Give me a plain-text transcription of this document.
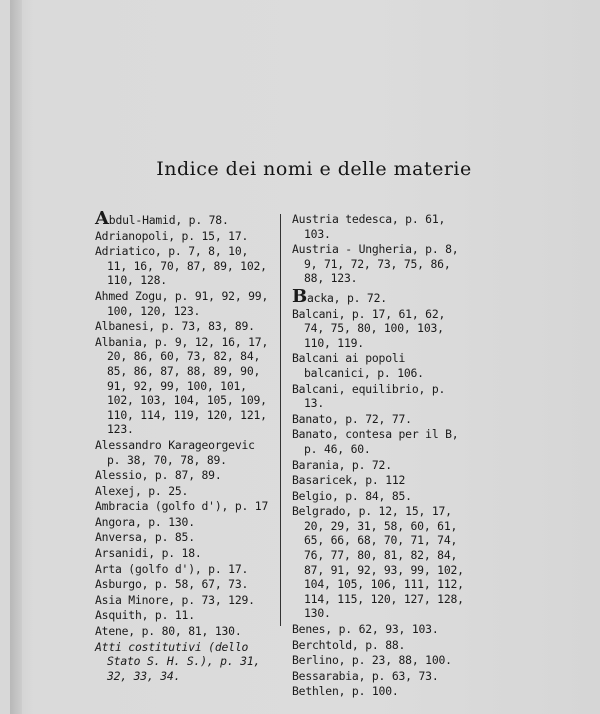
Indice dei nomi e delle materie

Abdul-Hamid, p. 78.

Adrianopoli, p. 15, 17.

Adriatico, p. 7, 8, 10, 11, 16, 70, 87, 89, 102, 110, 128.

Ahmed Zogu, p. 91, 92, 99, 100, 120, 123.

Albanesi, p. 73, 83, 89.

Albania, p. 9, 12, 16, 17, 20, 86, 60, 73, 82, 84, 85, 86, 87, 88, 89, 90, 91, 92, 99, 100, 101, 102, 103, 104, 105, 109, 110, 114, 119, 120, 121, 123.

Alessandro Karageorgevic p. 38, 70, 78, 89.

Alessio, p. 87, 89.

Alexej, p. 25.

Ambracia (golfo d'), p. 17

Angora, p. 130.

Anversa, p. 85.

Arsanidi, p. 18.

Arta (golfo d'), p. 17.

Asburgo, p. 58, 67, 73.

Asia Minore, p. 73, 129.

Asquith, p. 11.

Atene, p. 80, 81, 130.

Atti costitutivi (dello Stato S. H. S.), p. 31, 32, 33, 34.

Austria tedesca, p. 61, 103.

Austria - Ungheria, p. 8, 9, 71, 72, 73, 75, 86, 88, 123.

Backa, p. 72.

Balcani, p. 17, 61, 62, 74, 75, 80, 100, 103, 110, 119.

Balcani ai popoli balcanici, p. 106.

Balcani, equilibrio, p. 13.

Banato, p. 72, 77.

Banato, contesa per il B, p. 46, 60.

Barania, p. 72.

Basaricek, p. 112

Belgio, p. 84, 85.

Belgrado, p. 12, 15, 17, 20, 29, 31, 58, 60, 61, 65, 66, 68, 70, 71, 74, 76, 77, 80, 81, 82, 84, 87, 91, 92, 93, 99, 102, 104, 105, 106, 111, 112, 114, 115, 120, 127, 128, 130.

Benes, p. 62, 93, 103.

Berchtold, p. 88.

Berlino, p. 23, 88, 100.

Bessarabia, p. 63, 73.

Bethlen, p. 100.
